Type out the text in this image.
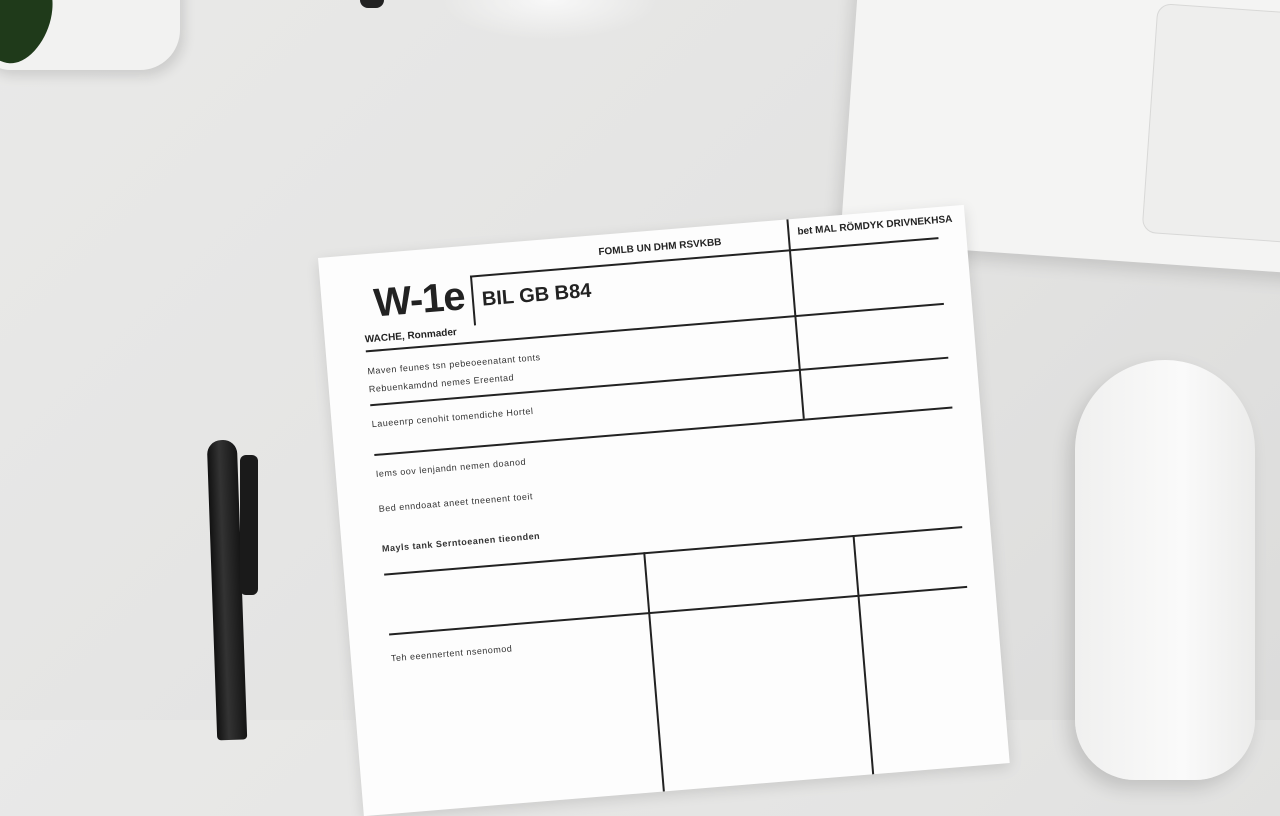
W-1e BIL GB B84
FOMLB UN DHM RSVKBB
bet MAL RÖMDYK DRIVNEKHSA
WACHE, Ronmader
Maven feunes tsn pebeoeenatant tonts
Rebuenkamdnd nemes Ereentad
Laueenrp cenohit tomendiche Hortel
Iems oov lenjandn nemen doanod
Bed enndoaat aneet tneenent toeit
Mayls tank Serntoeanen tieonden
Teh eeennertent nsenomod
